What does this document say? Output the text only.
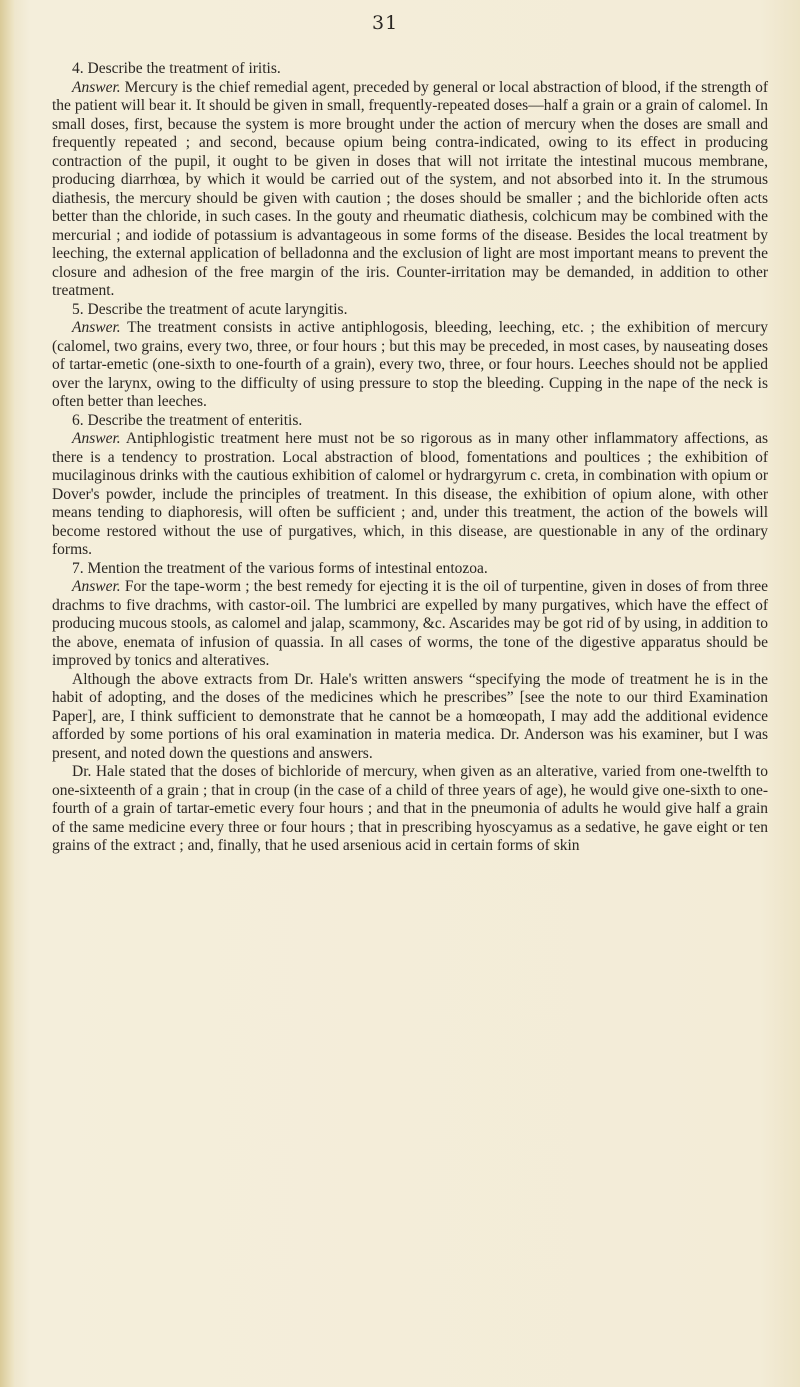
31

4. Describe the treatment of iritis.

Answer. Mercury is the chief remedial agent, preceded by general or local abstraction of blood, if the strength of the patient will bear it. It should be given in small, frequently-repeated doses—half a grain or a grain of calomel. In small doses, first, because the system is more brought under the action of mercury when the doses are small and frequently repeated ; and second, because opium being contra-indicated, owing to its effect in producing contraction of the pupil, it ought to be given in doses that will not irritate the intestinal mucous membrane, producing diarrhœa, by which it would be carried out of the system, and not absorbed into it. In the strumous diathesis, the mercury should be given with caution ; the doses should be smaller ; and the bichloride often acts better than the chloride, in such cases. In the gouty and rheumatic diathesis, colchicum may be combined with the mercurial ; and iodide of potassium is advantageous in some forms of the disease. Besides the local treatment by leeching, the external application of belladonna and the exclusion of light are most important means to prevent the closure and adhesion of the free margin of the iris. Counter-irritation may be demanded, in addition to other treatment.

5. Describe the treatment of acute laryngitis.

Answer. The treatment consists in active antiphlogosis, bleeding, leeching, etc. ; the exhibition of mercury (calomel, two grains, every two, three, or four hours ; but this may be preceded, in most cases, by nauseating doses of tartar-emetic (one-sixth to one-fourth of a grain), every two, three, or four hours. Leeches should not be applied over the larynx, owing to the difficulty of using pressure to stop the bleeding. Cupping in the nape of the neck is often better than leeches.

6. Describe the treatment of enteritis.

Answer. Antiphlogistic treatment here must not be so rigorous as in many other inflammatory affections, as there is a tendency to prostration. Local abstraction of blood, fomentations and poultices ; the exhibition of mucilaginous drinks with the cautious exhibition of calomel or hydrargyrum c. creta, in combination with opium or Dover's powder, include the principles of treatment. In this disease, the exhibition of opium alone, with other means tending to diaphoresis, will often be sufficient ; and, under this treatment, the action of the bowels will become restored without the use of purgatives, which, in this disease, are questionable in any of the ordinary forms.

7. Mention the treatment of the various forms of intestinal entozoa.

Answer. For the tape-worm ; the best remedy for ejecting it is the oil of turpentine, given in doses of from three drachms to five drachms, with castor-oil. The lumbrici are expelled by many purgatives, which have the effect of producing mucous stools, as calomel and jalap, scammony, &c. Ascarides may be got rid of by using, in addition to the above, enemata of infusion of quassia. In all cases of worms, the tone of the digestive apparatus should be improved by tonics and alteratives.

Although the above extracts from Dr. Hale's written answers “specifying the mode of treatment he is in the habit of adopting, and the doses of the medicines which he prescribes” [see the note to our third Examination Paper], are, I think sufficient to demonstrate that he cannot be a homœopath, I may add the additional evidence afforded by some portions of his oral examination in materia medica. Dr. Anderson was his examiner, but I was present, and noted down the questions and answers.

Dr. Hale stated that the doses of bichloride of mercury, when given as an alterative, varied from one-twelfth to one-sixteenth of a grain ; that in croup (in the case of a child of three years of age), he would give one-sixth to one-fourth of a grain of tartar-emetic every four hours ; and that in the pneumonia of adults he would give half a grain of the same medicine every three or four hours ; that in prescribing hyoscyamus as a sedative, he gave eight or ten grains of the extract ; and, finally, that he used arsenious acid in certain forms of skin
